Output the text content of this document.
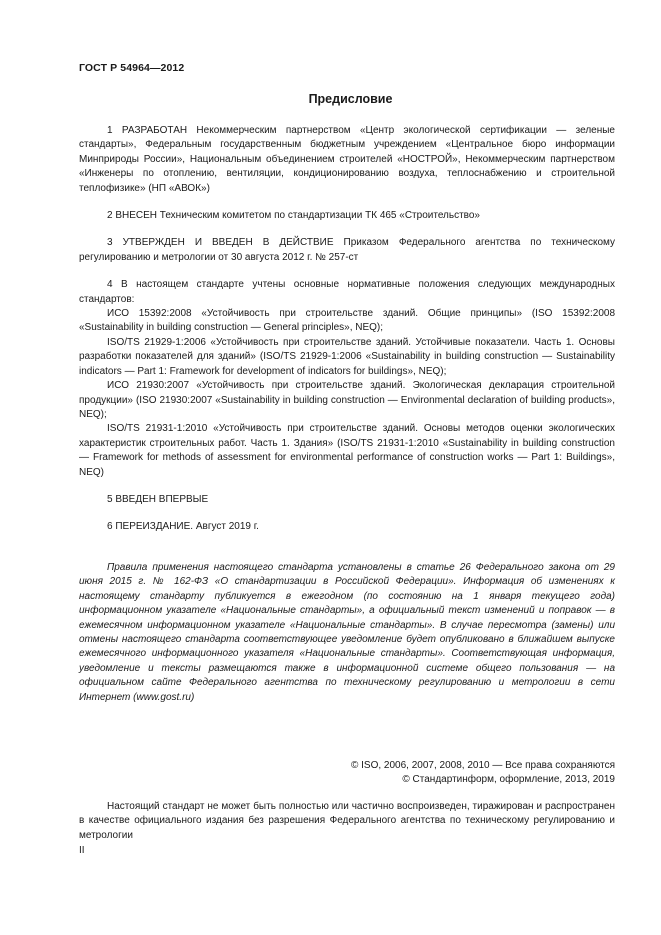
ГОСТ Р 54964—2012
Предисловие

1 РАЗРАБОТАН Некоммерческим партнерством «Центр экологической сертификации — зеленые стандарты», Федеральным государственным бюджетным учреждением «Центральное бюро информации Минприроды России», Национальным объединением строителей «НОСТРОЙ», Некоммерческим партнерством «Инженеры по отоплению, вентиляции, кондиционированию воздуха, теплоснабжению и строительной теплофизике» (НП «АВОК»)

2 ВНЕСЕН Техническим комитетом по стандартизации ТК 465 «Строительство»

3 УТВЕРЖДЕН И ВВЕДЕН В ДЕЙСТВИЕ Приказом Федерального агентства по техническому регулированию и метрологии от 30 августа 2012 г. № 257-ст

4 В настоящем стандарте учтены основные нормативные положения следующих международных стандартов:

ИСО 15392:2008 «Устойчивость при строительстве зданий. Общие принципы» (ISO 15392:2008 «Sustainability in building construction — General principles», NEQ);

ISO/TS 21929-1:2006 «Устойчивость при строительстве зданий. Устойчивые показатели. Часть 1. Основы разработки показателей для зданий» (ISO/TS 21929-1:2006 «Sustainability in building construction — Sustainability indicators — Part 1: Framework for development of indicators for buildings», NEQ);

ИСО 21930:2007 «Устойчивость при строительстве зданий. Экологическая декларация строительной продукции» (ISO 21930:2007 «Sustainability in building construction — Environmental declaration of building products», NEQ);

ISO/TS 21931-1:2010 «Устойчивость при строительстве зданий. Основы методов оценки экологических характеристик строительных работ. Часть 1. Здания» (ISO/TS 21931-1:2010 «Sustainability in building construction — Framework for methods of assessment for environmental performance of construction works — Part 1: Buildings», NEQ)

5 ВВЕДЕН ВПЕРВЫЕ

6 ПЕРЕИЗДАНИЕ. Август 2019 г.

Правила применения настоящего стандарта установлены в статье 26 Федерального закона от 29 июня 2015 г. № 162-ФЗ «О стандартизации в Российской Федерации». Информация об изменениях к настоящему стандарту публикуется в ежегодном (по состоянию на 1 января текущего года) информационном указателе «Национальные стандарты», а официальный текст изменений и поправок — в ежемесячном информационном указателе «Национальные стандарты». В случае пересмотра (замены) или отмены настоящего стандарта соответствующее уведомление будет опубликовано в ближайшем выпуске ежемесячного информационного указателя «Национальные стандарты». Соответствующая информация, уведомление и тексты размещаются также в информационной системе общего пользования — на официальном сайте Федерального агентства по техническому регулированию и метрологии в сети Интернет (www.gost.ru)

© ISO, 2006, 2007, 2008, 2010 — Все права сохраняются
© Стандартинформ, оформление, 2013, 2019

Настоящий стандарт не может быть полностью или частично воспроизведен, тиражирован и распространен в качестве официального издания без разрешения Федерального агентства по техническому регулированию и метрологии

II
